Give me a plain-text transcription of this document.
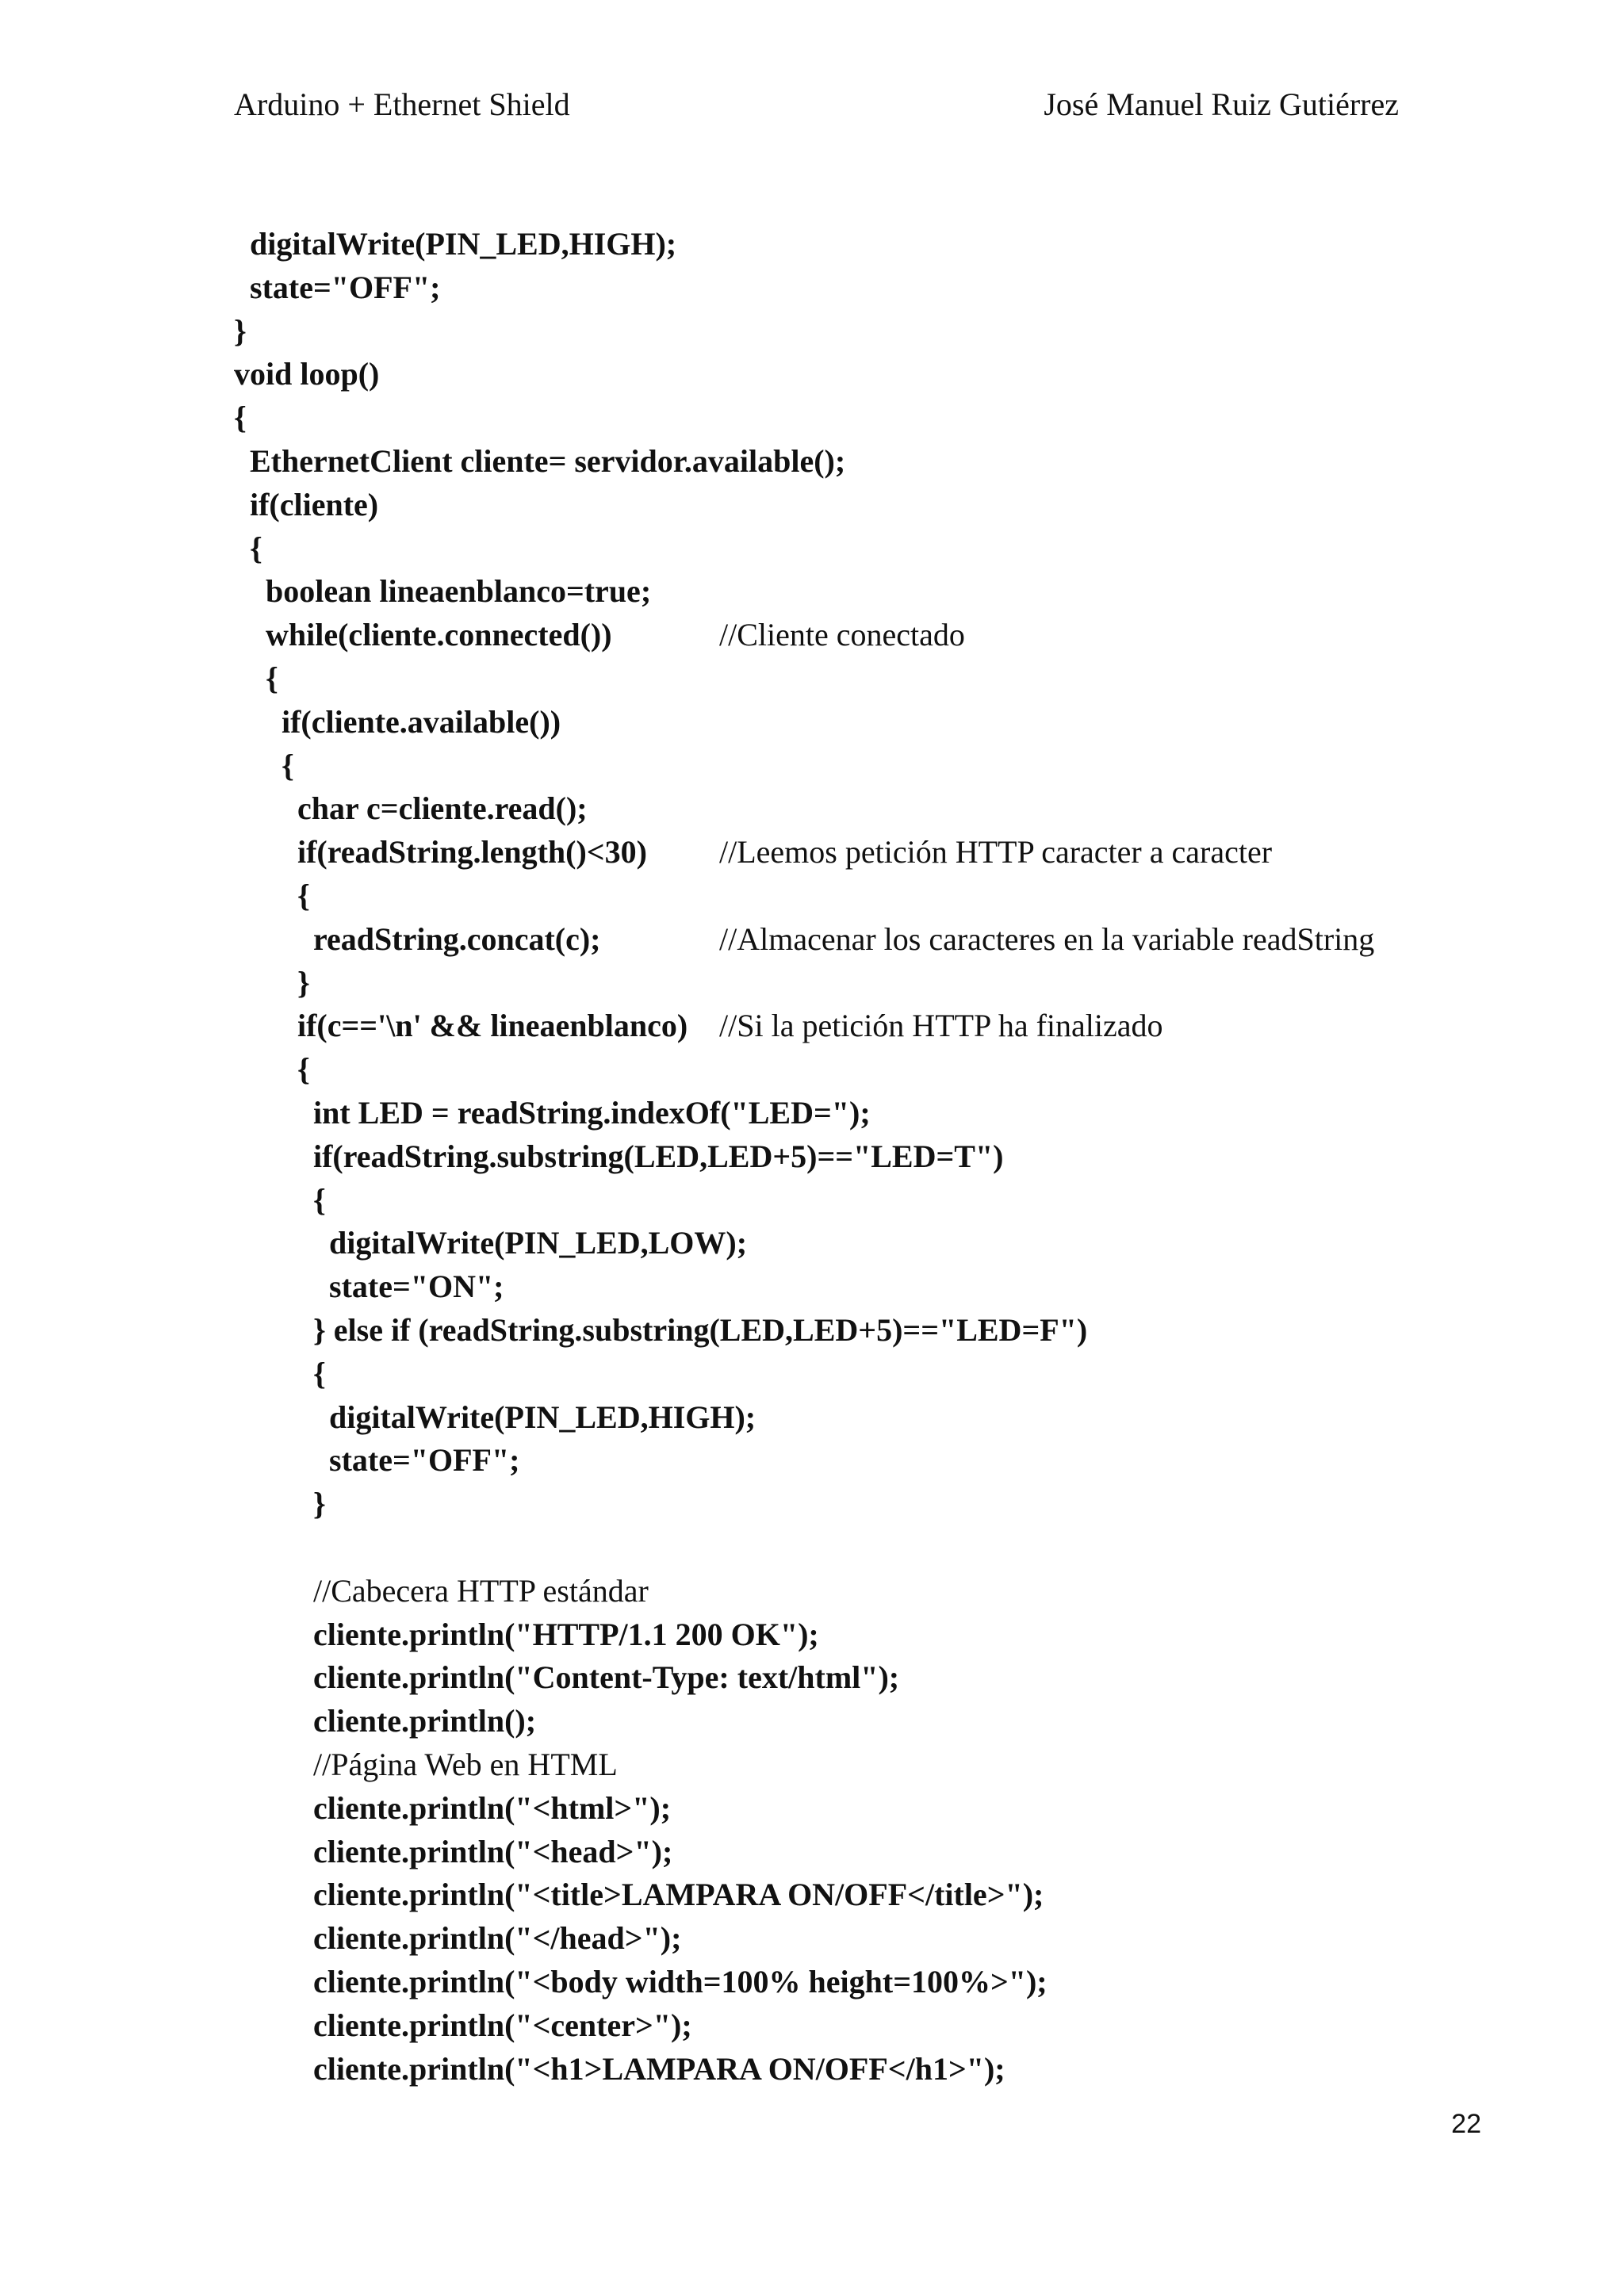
Arduino + Ethernet Shield	José Manuel Ruiz Gutiérrez
digitalWrite(PIN_LED,HIGH);
state="OFF";
}
void loop()
{
EthernetClient cliente= servidor.available();
if(cliente)
{
boolean lineaenblanco=true;
while(cliente.connected())	//Cliente conectado
{
if(cliente.available())
{
char c=cliente.read();
if(readString.length()<30) //Leemos petición HTTP caracter a caracter
{
readString.concat(c);	//Almacenar los caracteres en la variable readString
}
if(c=='\n' && lineaenblanco) //Si la petición HTTP ha finalizado
{
int LED = readString.indexOf("LED=");
if(readString.substring(LED,LED+5)=="LED=T")
{
digitalWrite(PIN_LED,LOW);
state="ON";
} else if (readString.substring(LED,LED+5)=="LED=F")
{
digitalWrite(PIN_LED,HIGH);
state="OFF";
}
//Cabecera HTTP estándar
cliente.println("HTTP/1.1 200 OK");
cliente.println("Content-Type: text/html");
cliente.println();
//Página Web en HTML
cliente.println("<html>");
cliente.println("<head>");
cliente.println("<title>LAMPARA ON/OFF</title>");
cliente.println("</head>");
cliente.println("<body width=100% height=100%>");
cliente.println("<center>");
cliente.println("<h1>LAMPARA ON/OFF</h1>");
22
